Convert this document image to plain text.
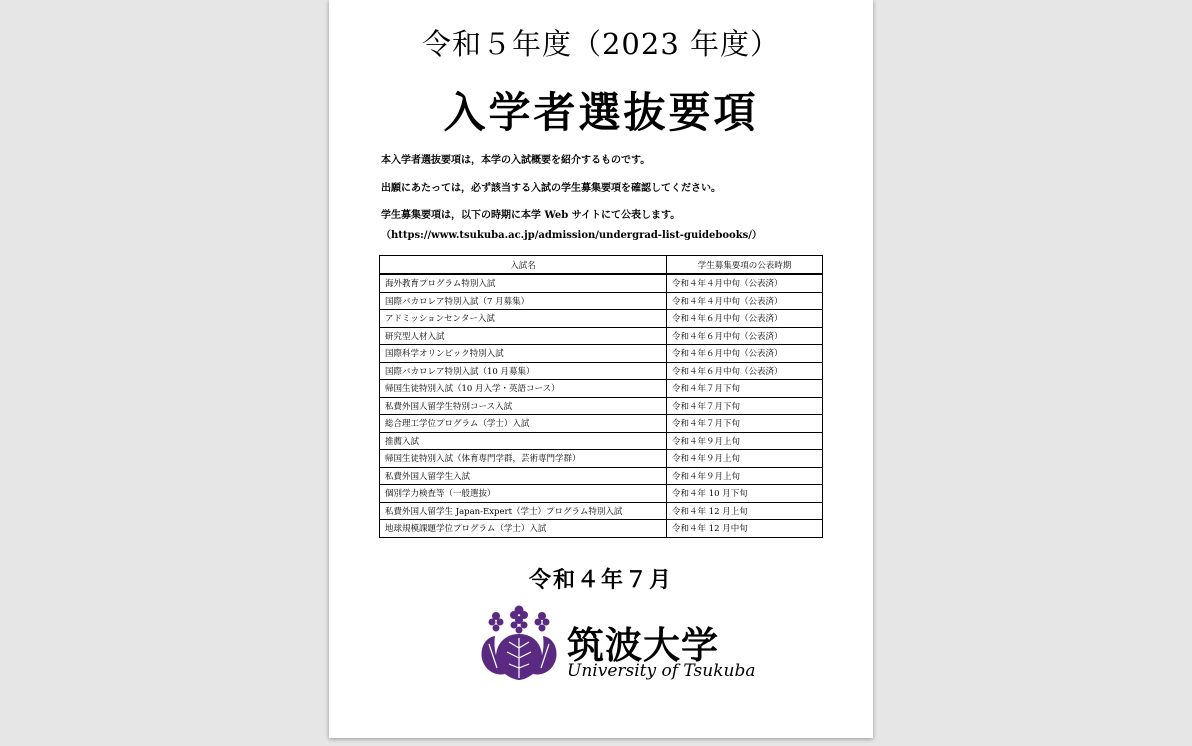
令和５年度（2023 年度）
入学者選抜要項
本入学者選抜要項は，本学の入試概要を紹介するものです。
出願にあたっては，必ず該当する入試の学生募集要項を確認してください。
学生募集要項は，以下の時期に本学 Web サイトにて公表します。
（https://www.tsukuba.ac.jp/admission/undergrad-list-guidebooks/）
入試名	学生募集要項の公表時期
海外教育プログラム特別入試	令和４年４月中旬（公表済）
国際バカロレア特別入試（7 月募集）	令和４年４月中旬（公表済）
アドミッションセンター入試	令和４年６月中旬（公表済）
研究型人材入試	令和４年６月中旬（公表済）
国際科学オリンピック特別入試	令和４年６月中旬（公表済）
国際バカロレア特別入試（10 月募集）	令和４年６月中旬（公表済）
帰国生徒特別入試（10 月入学・英語コース）	令和４年７月下旬
私費外国人留学生特別コース入試	令和４年７月下旬
総合理工学位プログラム（学士）入試	令和４年７月下旬
推薦入試	令和４年９月上旬
帰国生徒特別入試（体育専門学群，芸術専門学群）	令和４年９月上旬
私費外国人留学生入試	令和４年９月上旬
個別学力検査等（一般選抜）	令和４年 10 月下旬
私費外国人留学生 Japan-Expert（学士）プログラム特別入試	令和４年 12 月上旬
地球規模課題学位プログラム（学士）入試	令和４年 12 月中旬
令和４年７月
筑波大学
University of Tsukuba
